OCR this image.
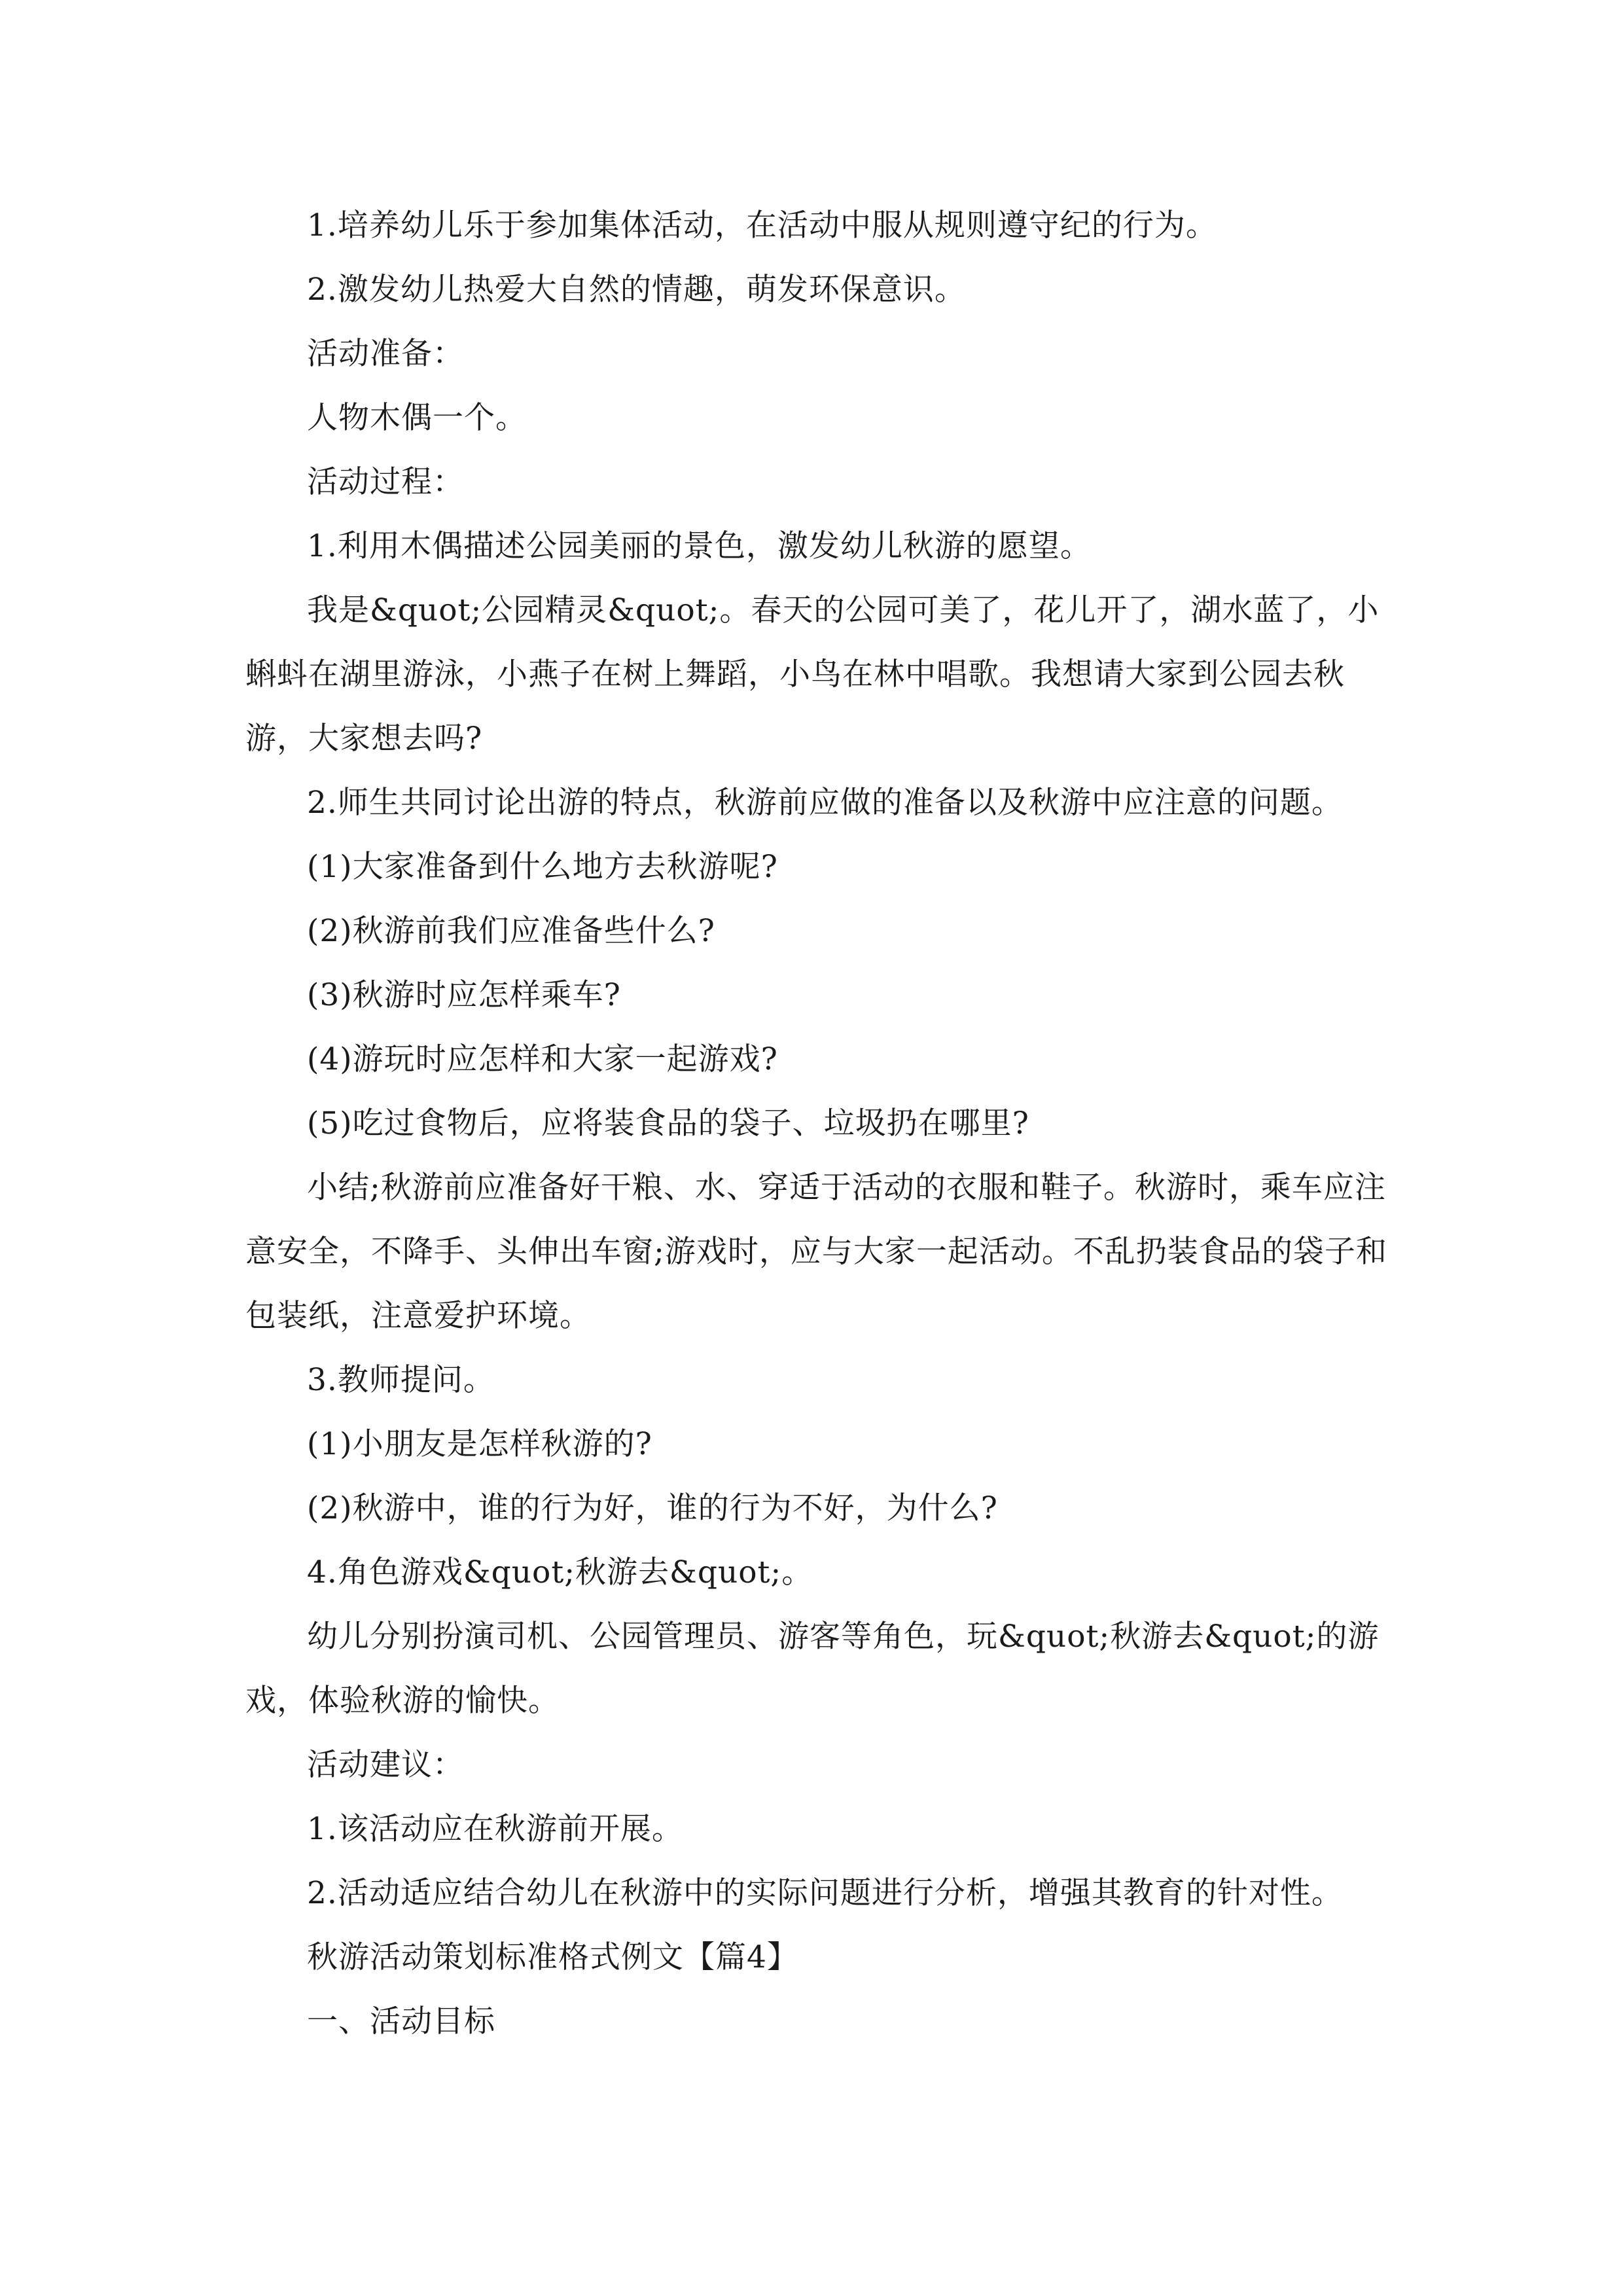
1.培养幼儿乐于参加集体活动，在活动中服从规则遵守纪的行为。

2.激发幼儿热爱大自然的情趣，萌发环保意识。

活动准备：

人物木偶一个。

活动过程：

1.利用木偶描述公园美丽的景色，激发幼儿秋游的愿望。

我是&quot;公园精灵&quot;。春天的公园可美了，花儿开了，湖水蓝了，小蝌蚪在湖里游泳，小燕子在树上舞蹈，小鸟在林中唱歌。我想请大家到公园去秋游，大家想去吗?

2.师生共同讨论出游的特点，秋游前应做的准备以及秋游中应注意的问题。

(1)大家准备到什么地方去秋游呢?

(2)秋游前我们应准备些什么?

(3)秋游时应怎样乘车?

(4)游玩时应怎样和大家一起游戏?

(5)吃过食物后，应将装食品的袋子、垃圾扔在哪里?

小结;秋游前应准备好干粮、水、穿适于活动的衣服和鞋子。秋游时，乘车应注意安全，不降手、头伸出车窗;游戏时，应与大家一起活动。不乱扔装食品的袋子和包装纸，注意爱护环境。

3.教师提问。

(1)小朋友是怎样秋游的?

(2)秋游中，谁的行为好，谁的行为不好，为什么?

4.角色游戏&quot;秋游去&quot;。

幼儿分别扮演司机、公园管理员、游客等角色，玩&quot;秋游去&quot;的游戏，体验秋游的愉快。

活动建议：

1.该活动应在秋游前开展。

2.活动适应结合幼儿在秋游中的实际问题进行分析，增强其教育的针对性。

秋游活动策划标准格式例文【篇4】

一、活动目标
